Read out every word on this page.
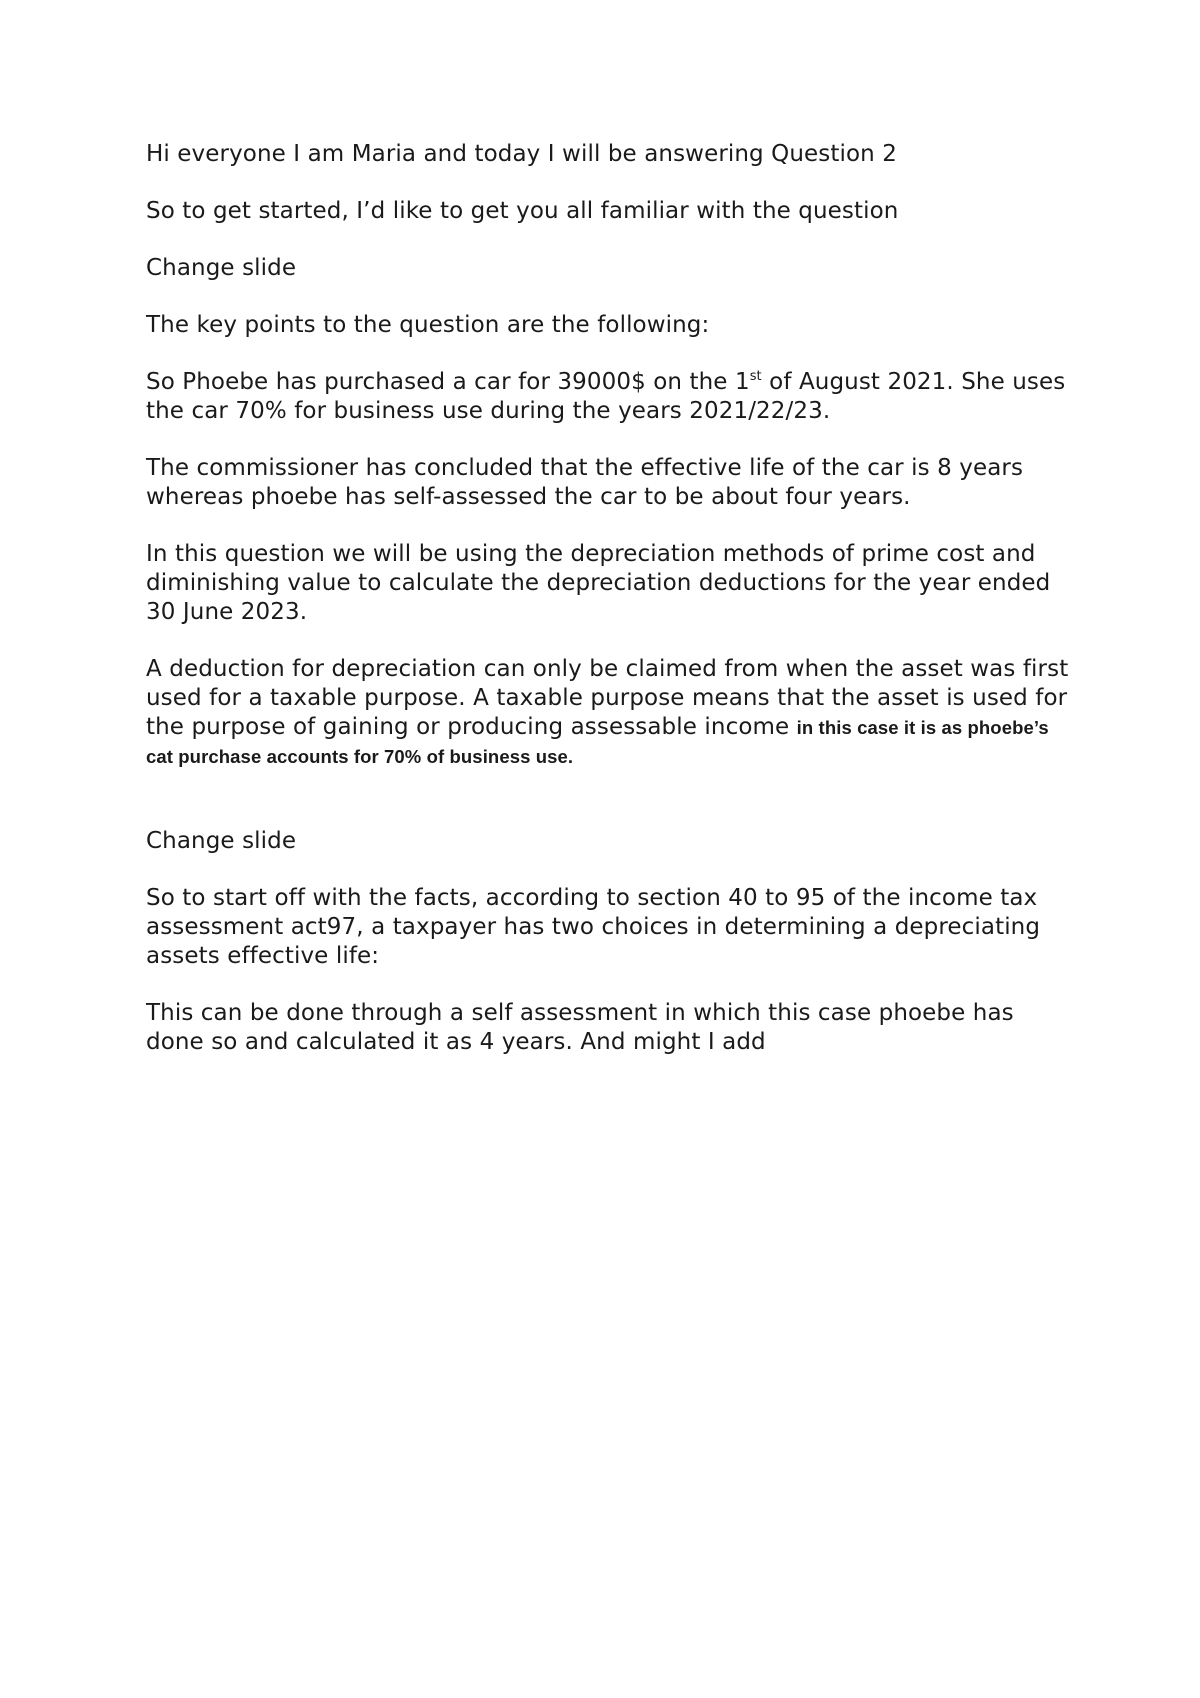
Hi everyone I am Maria and today I will be answering Question 2

So to get started, I’d like to get you all familiar with the question

Change slide

The key points to the question are the following:

So Phoebe has purchased a car for 39000$ on the 1st of August 2021. She uses the car 70% for business use during the years 2021/22/23.

The commissioner has concluded that the effective life of the car is 8 years whereas phoebe has self-assessed the car to be about four years.

In this question we will be using the depreciation methods of prime cost and diminishing value to calculate the depreciation deductions for the year ended 30 June 2023.

A deduction for depreciation can only be claimed from when the asset was first used for a taxable purpose. A taxable purpose means that the asset is used for the purpose of gaining or producing assessable income in this case it is as phoebe’s cat purchase accounts for 70% of business use.

Change slide

So to start off with the facts, according to section 40 to 95 of the income tax assessment act97, a taxpayer has two choices in determining a depreciating assets effective life:

This can be done through a self assessment in which this case phoebe has done so and calculated it as 4 years. And might I add
